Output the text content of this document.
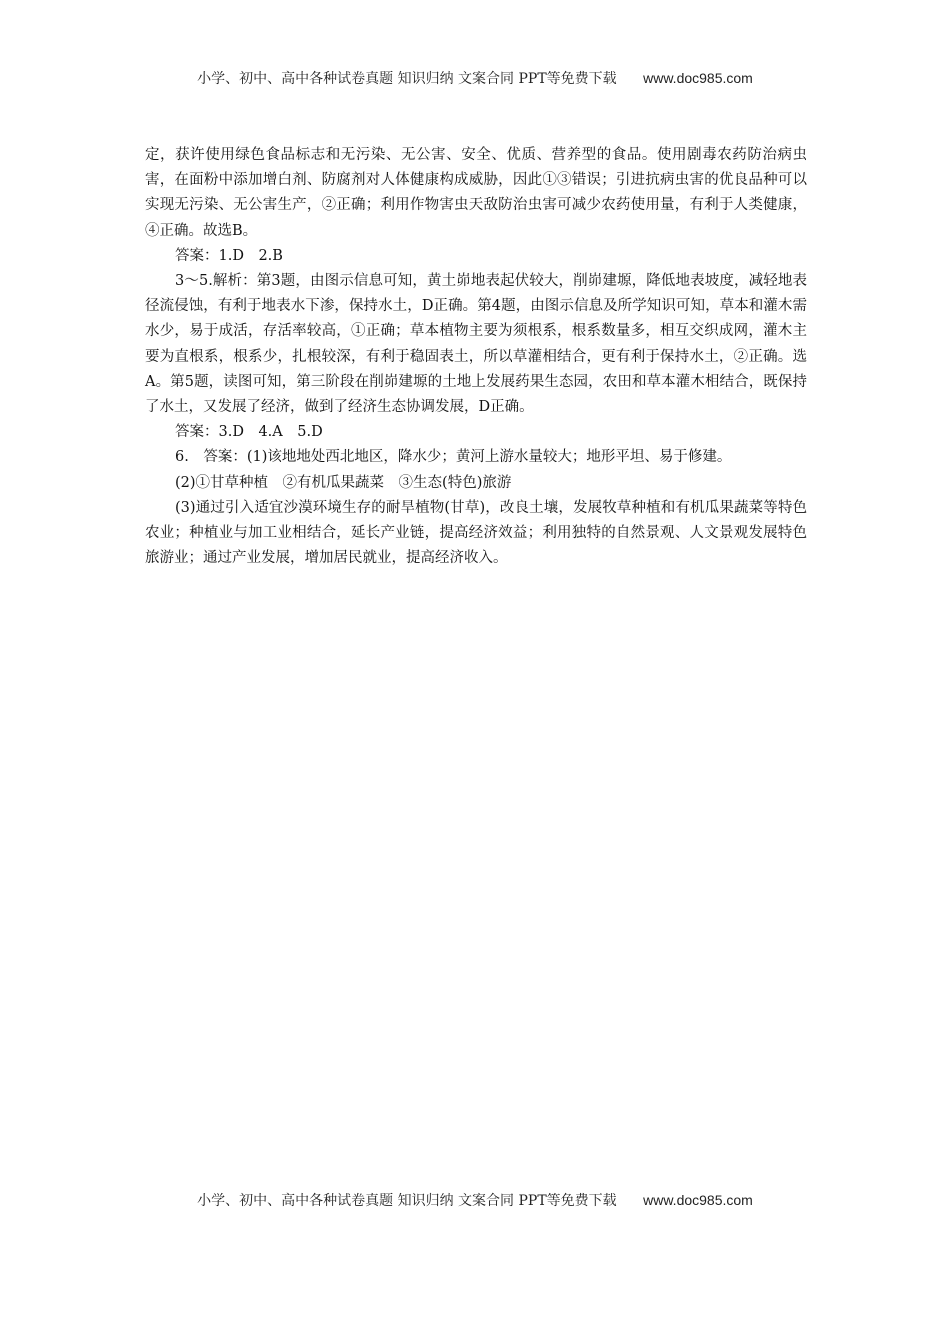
小学、初中、高中各种试卷真题 知识归纳 文案合同 PPT等免费下载 www.doc985.com

定，获许使用绿色食品标志和无污染、无公害、安全、优质、营养型的食品。使用剧毒农药防治病虫害，在面粉中添加增白剂、防腐剂对人体健康构成威胁，因此①③错误；引进抗病虫害的优良品种可以实现无污染、无公害生产，②正确；利用作物害虫天敌防治虫害可减少农药使用量，有利于人类健康，④正确。故选B。

答案：1.D　2.B

3～5.解析：第3题，由图示信息可知，黄土峁地表起伏较大，削峁建塬，降低地表坡度，减轻地表径流侵蚀，有利于地表水下渗，保持水土，D正确。第4题，由图示信息及所学知识可知，草本和灌木需水少，易于成活，存活率较高，①正确；草本植物主要为须根系，根系数量多，相互交织成网，灌木主要为直根系，根系少，扎根较深，有利于稳固表土，所以草灌相结合，更有利于保持水土，②正确。选A。第5题，读图可知，第三阶段在削峁建塬的土地上发展药果生态园，农田和草本灌木相结合，既保持了水土，又发展了经济，做到了经济生态协调发展，D正确。

答案：3.D　4.A　5.D

6.　答案：(1)该地地处西北地区，降水少；黄河上游水量较大；地形平坦、易于修建。

(2)①甘草种植　②有机瓜果蔬菜　③生态(特色)旅游

(3)通过引入适宜沙漠环境生存的耐旱植物(甘草)，改良土壤，发展牧草种植和有机瓜果蔬菜等特色农业；种植业与加工业相结合，延长产业链，提高经济效益；利用独特的自然景观、人文景观发展特色旅游业；通过产业发展，增加居民就业，提高经济收入。

小学、初中、高中各种试卷真题 知识归纳 文案合同 PPT等免费下载 www.doc985.com
